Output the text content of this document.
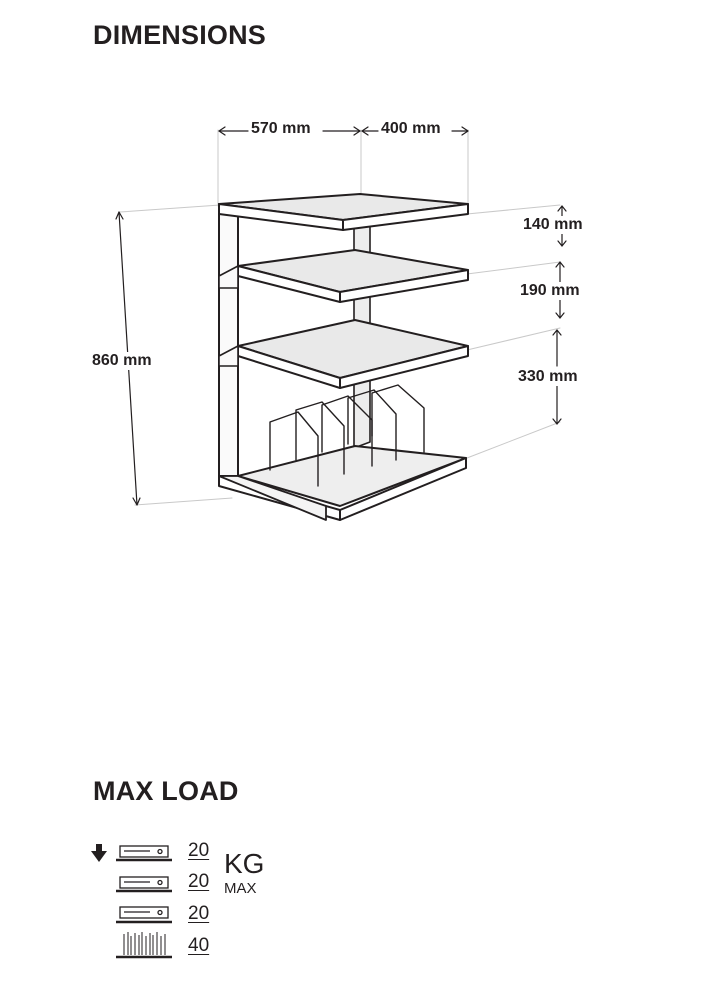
DIMENSIONS
570 mm	400 mm
860 mm
140 mm
190 mm
330 mm
MAX LOAD
20
20
20
40
KG
MAX
